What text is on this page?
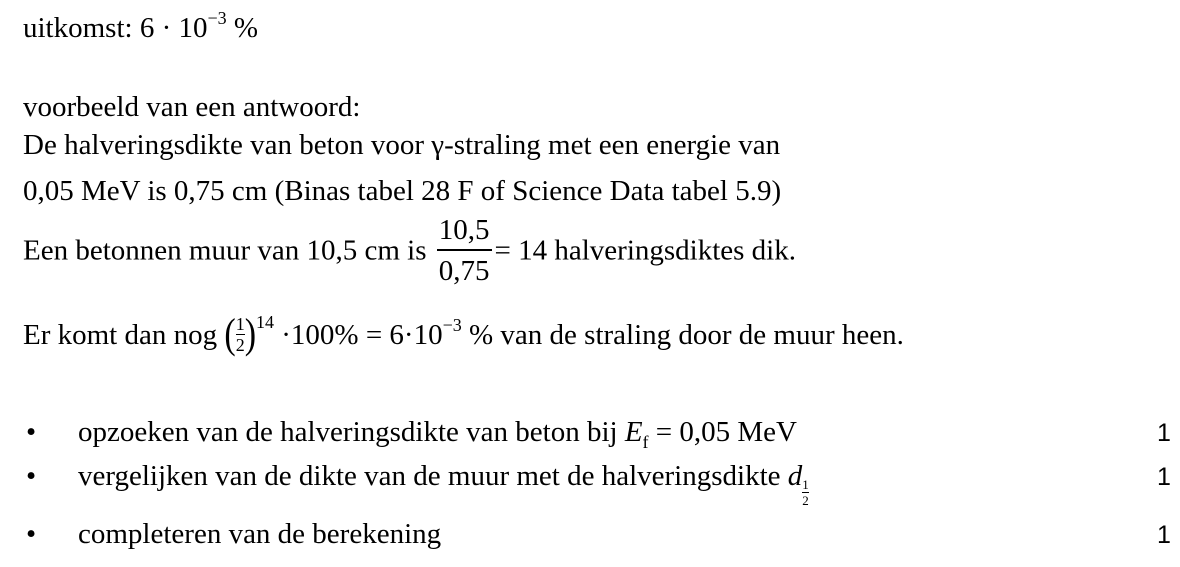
uitkomst: $6 \cdot 10^{-3}$ %
voorbeeld van een antwoord:
De halveringsdikte van beton voor γ-straling met een energie van
0,05 MeV is 0,75 cm (Binas tabel 28 F of Science Data tabel 5.9)
Een betonnen muur van 10,5 cm is $\frac{10,5}{0,75} = 14$ halveringsdiktes dik.
Er komt dan nog $(\frac{1}{2})^{14} \cdot 100\% = 6\cdot 10^{-3}$ % van de straling door de muur heen.
• opzoeken van de halveringsdikte van beton bij $E_f = 0,05$ MeV	1
• vergelijken van de dikte van de muur met de halveringsdikte $d\frac{1}{2}$
1
• completeren van de berekening	1
